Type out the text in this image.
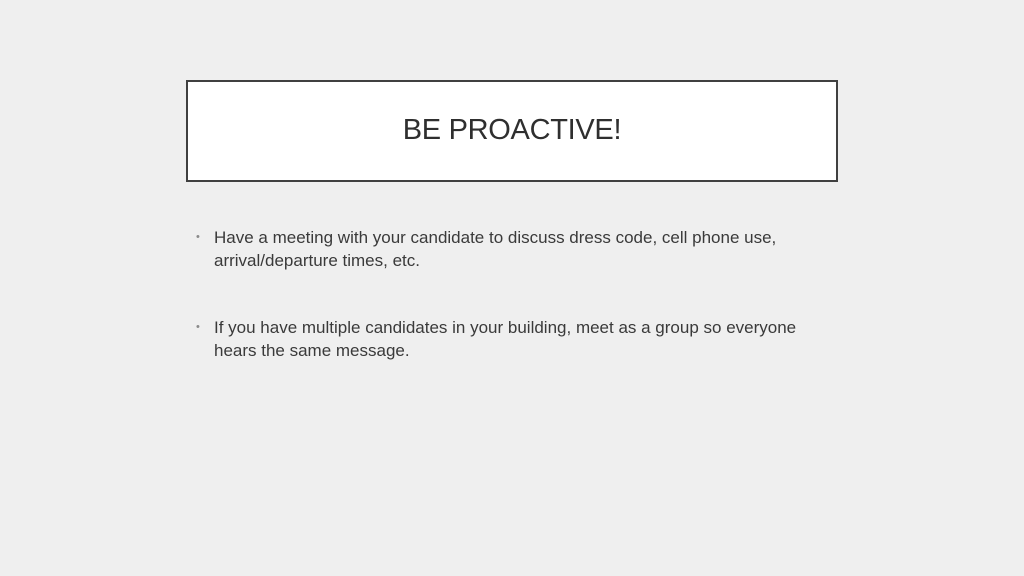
BE PROACTIVE!
• Have a meeting with your candidate to discuss dress code, cell phone use, arrival/departure times, etc.
• If you have multiple candidates in your building, meet as a group so everyone hears the same message.
